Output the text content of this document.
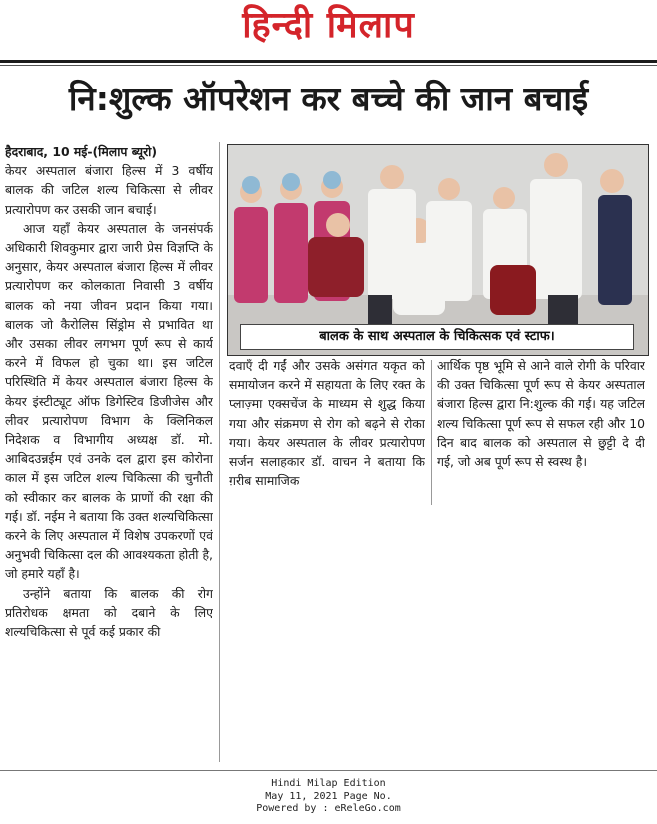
हिन्दी मिलाप
नि:शुल्क ऑपरेशन कर बच्चे की जान बचाई

हैदराबाद, 10 मई-(मिलाप ब्यूरो)
केयर अस्पताल बंजारा हिल्स में 3 वर्षीय बालक की जटिल शल्य चिकित्सा से लीवर प्रत्यारोपण कर उसकी जान बचाई।

आज यहाँ केयर अस्पताल के जनसंपर्क अधिकारी शिवकुमार द्वारा जारी प्रेस विज्ञप्ति के अनुसार, केयर अस्पताल बंजारा हिल्स में लीवर प्रत्यारोपण कर कोलकाता निवासी 3 वर्षीय बालक को नया जीवन प्रदान किया गया। बालक जो कैरोलिस सिंड्रोम से प्रभावित था और उसका लीवर लगभग पूर्ण रूप से कार्य करने में विफल हो चुका था। इस जटिल परिस्थिति में केयर अस्पताल बंजारा हिल्स के केयर इंस्टीट्यूट ऑफ डिगेस्टिव डिजीजेस और लीवर प्रत्यारोपण विभाग के क्लिनिकल निदेशक व विभागीय अध्यक्ष डॉ. मो. आबिदउन्नईम एवं उनके दल द्वारा इस कोरोना काल में इस जटिल शल्य चिकित्सा की चुनौती को स्वीकार कर बालक के प्राणों की रक्षा की गई। डॉ. नईम ने बताया कि उक्त शल्यचिकित्सा करने के लिए अस्पताल में विशेष उपकरणों एवं अनुभवी चिकित्सा दल की आवश्यकता होती है, जो हमारे यहाँ है।

उन्होंने बताया कि बालक की रोग प्रतिरोधक क्षमता को दबाने के लिए शल्यचिकित्सा से पूर्व कई प्रकार की

बालक के साथ अस्पताल के चिकित्सक एवं स्टाफ।

दवाएँ दी गईं और उसके असंगत यकृत को समायोजन करने में सहायता के लिए रक्त के प्लाज़्मा एक्सचेंज के माध्यम से शुद्ध किया गया और संक्रमण से रोग को बढ़ने से रोका गया। केयर अस्पताल के लीवर प्रत्यारोपण सर्जन सलाहकार डॉ. वाचन ने बताया कि ग़रीब सामाजिक

आर्थिक पृष्ठ भूमि से आने वाले रोगी के परिवार की उक्त चिकित्सा पूर्ण रूप से केयर अस्पताल बंजारा हिल्स द्वारा नि:शुल्क की गई। यह जटिल शल्य चिकित्सा पूर्ण रूप से सफल रही और 10 दिन बाद बालक को अस्पताल से छुट्टी दे दी गई, जो अब पूर्ण रूप से स्वस्थ है।

Hindi Milap Edition
May 11, 2021 Page No.
Powered by : eReleGo.com
